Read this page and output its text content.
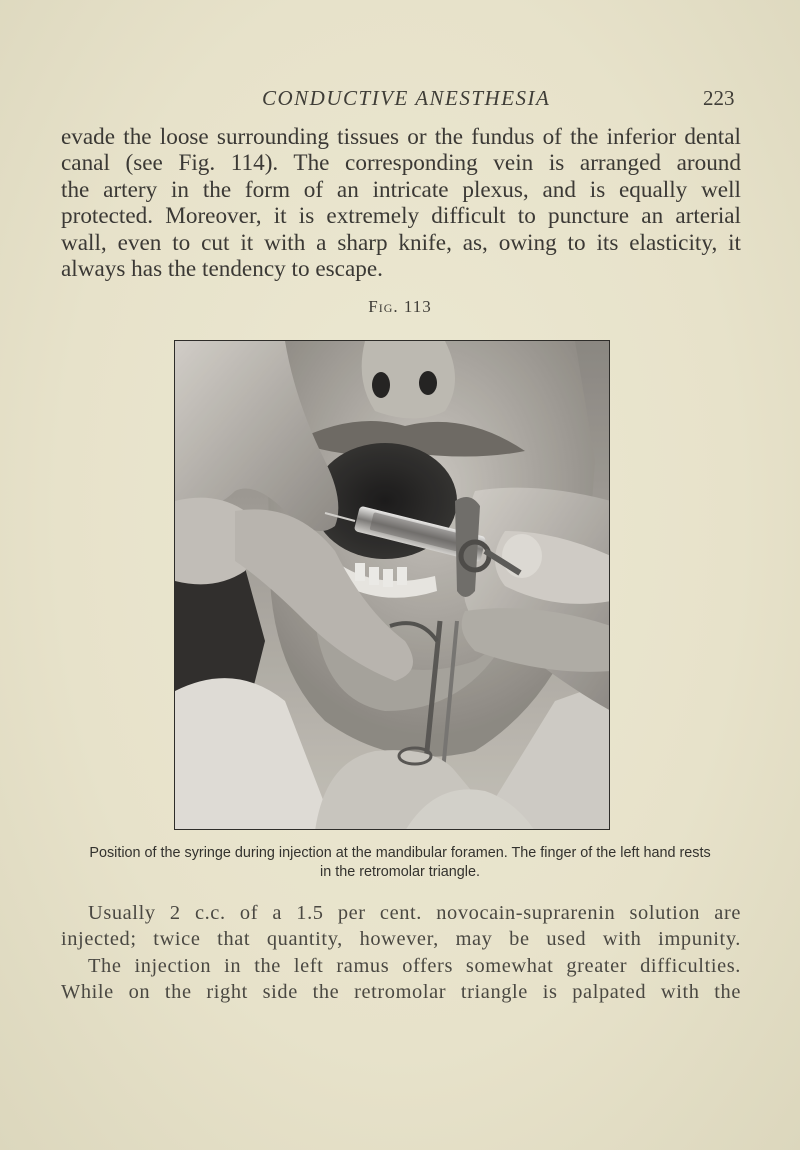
CONDUCTIVE ANESTHESIA	223
evade the loose surrounding tissues or the fundus of the inferior dental
canal (see Fig. 114). The corresponding vein is arranged around
the artery in the form of an intricate plexus, and is equally well
protected. Moreover, it is extremely difficult to puncture an arterial
wall, even to cut it with a sharp knife, as, owing to its elasticity, it
always has the tendency to escape.
Fig. 113
Position of the syringe during injection at the mandibular foramen. The finger of the left hand rests
in the retromolar triangle.
Usually 2 c.c. of a 1.5 per cent. novocain-suprarenin solution are
injected; twice that quantity, however, may be used with impunity.
The injection in the left ramus offers somewhat greater difficulties.
While on the right side the retromolar triangle is palpated with the
